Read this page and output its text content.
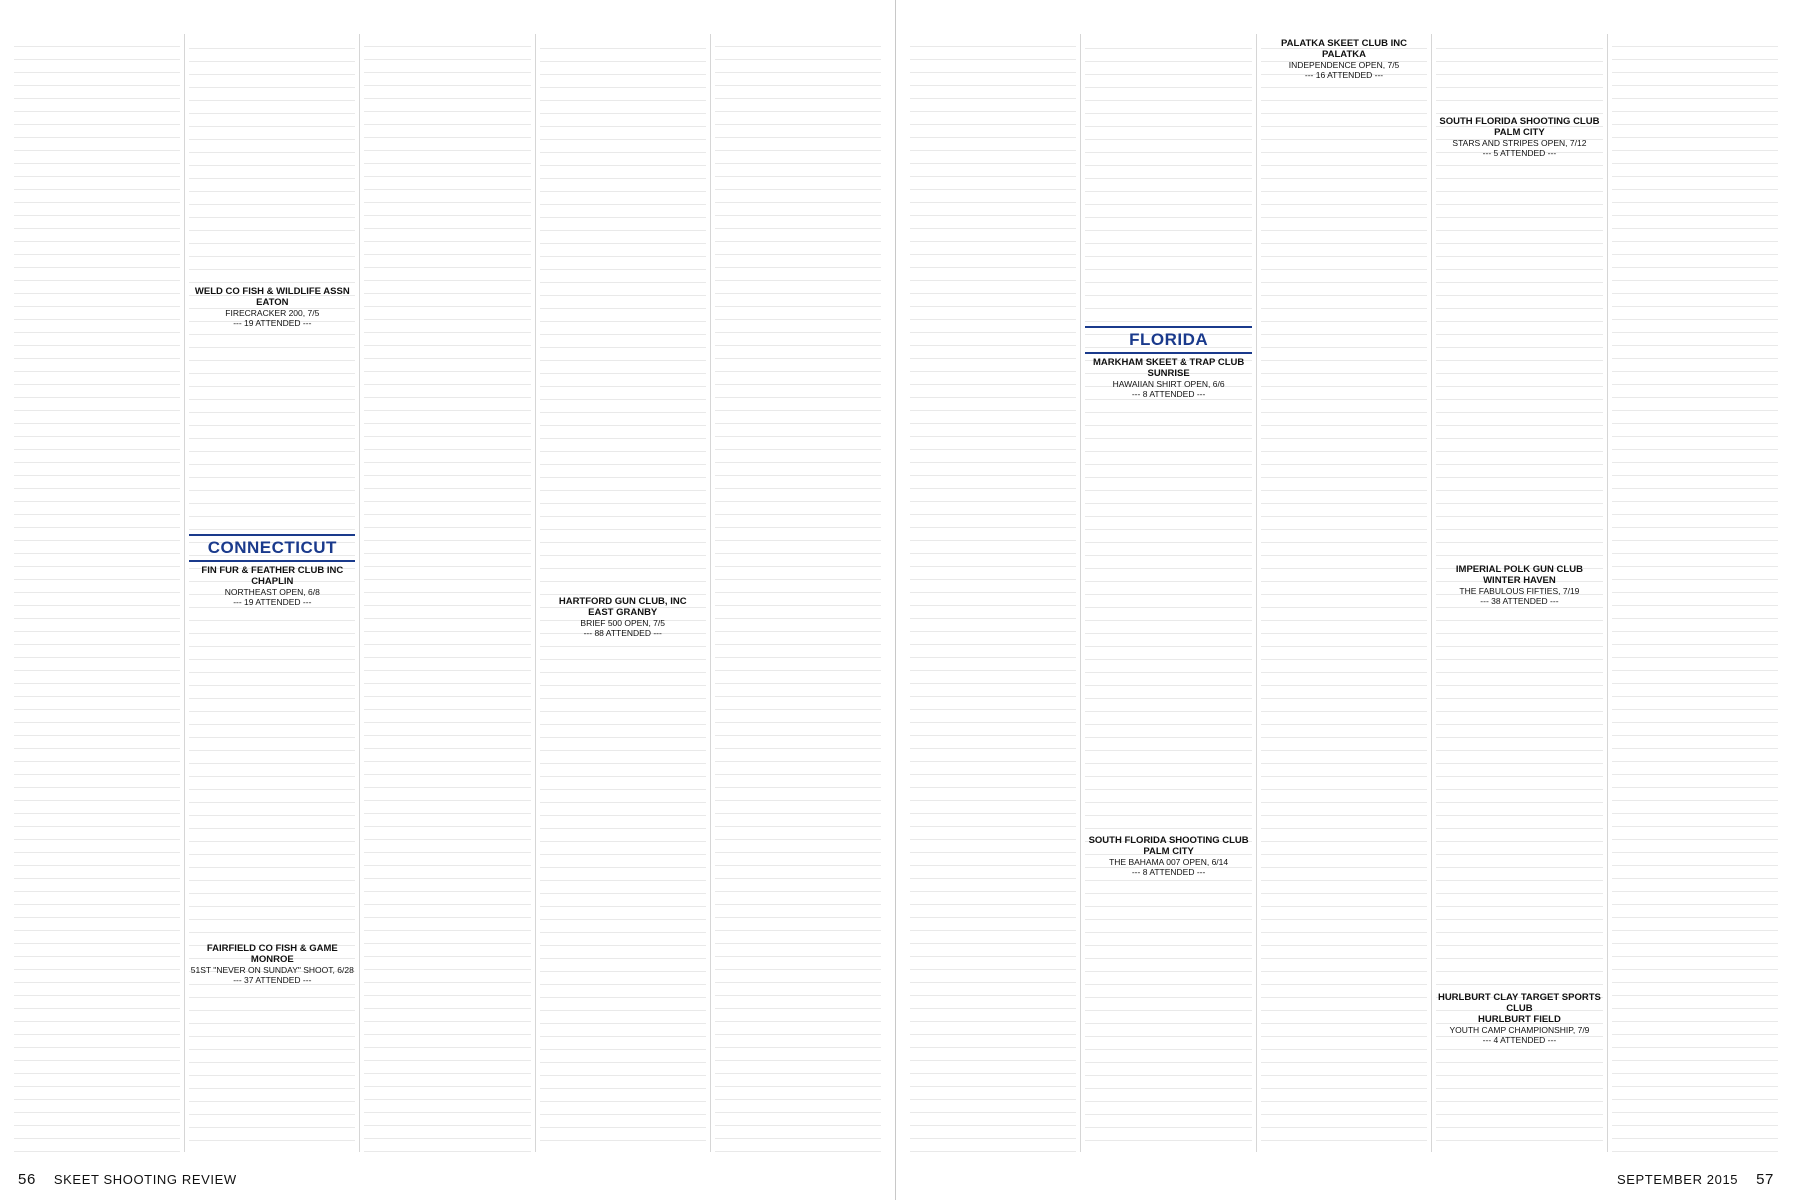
WELD CO FISH & WILDLIFE ASSN
EATON
FIRECRACKER 200, 7/5
--- 19 ATTENDED ---
CONNECTICUT
FIN FUR & FEATHER CLUB INC
CHAPLIN
NORTHEAST OPEN, 6/8
--- 19 ATTENDED ---
FAIRFIELD CO FISH & GAME
MONROE
51ST "NEVER ON SUNDAY" SHOOT, 6/28
--- 37 ATTENDED ---
HARTFORD GUN CLUB, INC
EAST GRANBY
BRIEF 500 OPEN, 7/5
--- 88 ATTENDED ---
56 SKEET SHOOTING REVIEW
FLORIDA
MARKHAM SKEET & TRAP CLUB
SUNRISE
HAWAIIAN SHIRT OPEN, 6/6
--- 8 ATTENDED ---
SOUTH FLORIDA SHOOTING CLUB
PALM CITY
THE BAHAMA 007 OPEN, 6/14
--- 8 ATTENDED ---
PALATKA SKEET CLUB INC
PALATKA
INDEPENDENCE OPEN, 7/5
--- 16 ATTENDED ---
SOUTH FLORIDA SHOOTING CLUB
PALM CITY
STARS AND STRIPES OPEN, 7/12
--- 5 ATTENDED ---
IMPERIAL POLK GUN CLUB
WINTER HAVEN
THE FABULOUS FIFTIES, 7/19
--- 38 ATTENDED ---
HURLBURT CLAY TARGET SPORTS CLUB
HURLBURT FIELD
YOUTH CAMP CHAMPIONSHIP, 7/9
--- 4 ATTENDED ---
SEPTEMBER 2015 57
